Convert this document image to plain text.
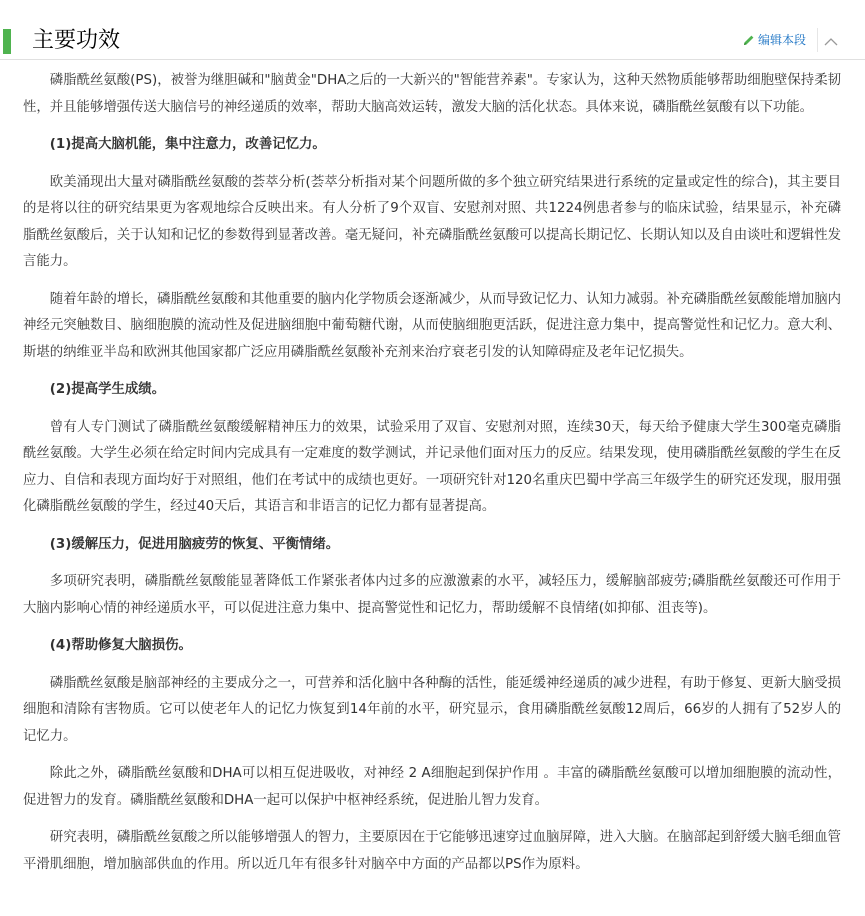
主要功效	编辑本段

磷脂酰丝氨酸(PS)，被誉为继胆碱和"脑黄金"DHA之后的一大新兴的"智能营养素"。专家认为，这种天然物质能够帮助细胞壁保持柔韧性，并且能够增强传送大脑信号的神经递质的效率，帮助大脑高效运转，激发大脑的活化状态。具体来说，磷脂酰丝氨酸有以下功能。

(1)提高大脑机能，集中注意力，改善记忆力。

欧美涌现出大量对磷脂酰丝氨酸的荟萃分析(荟萃分析指对某个问题所做的多个独立研究结果进行系统的定量或定性的综合)，其主要目的是将以往的研究结果更为客观地综合反映出来。有人分析了9个双盲、安慰剂对照、共1224例患者参与的临床试验，结果显示，补充磷脂酰丝氨酸后，关于认知和记忆的参数得到显著改善。毫无疑问，补充磷脂酰丝氨酸可以提高长期记忆、长期认知以及自由谈吐和逻辑性发言能力。

随着年龄的增长，磷脂酰丝氨酸和其他重要的脑内化学物质会逐渐减少，从而导致记忆力、认知力减弱。补充磷脂酰丝氨酸能增加脑内神经元突触数目、脑细胞膜的流动性及促进脑细胞中葡萄糖代谢，从而使脑细胞更活跃，促进注意力集中，提高警觉性和记忆力。意大利、斯堪的纳维亚半岛和欧洲其他国家都广泛应用磷脂酰丝氨酸补充剂来治疗衰老引发的认知障碍症及老年记忆损失。

(2)提高学生成绩。

曾有人专门测试了磷脂酰丝氨酸缓解精神压力的效果，试验采用了双盲、安慰剂对照，连续30天，每天给予健康大学生300毫克磷脂酰丝氨酸。大学生必须在给定时间内完成具有一定难度的数学测试，并记录他们面对压力的反应。结果发现，使用磷脂酰丝氨酸的学生在反应力、自信和表现方面均好于对照组，他们在考试中的成绩也更好。一项研究针对120名重庆巴蜀中学高三年级学生的研究还发现，服用强化磷脂酰丝氨酸的学生，经过40天后，其语言和非语言的记忆力都有显著提高。

(3)缓解压力，促进用脑疲劳的恢复、平衡情绪。

多项研究表明，磷脂酰丝氨酸能显著降低工作紧张者体内过多的应激激素的水平，减轻压力，缓解脑部疲劳;磷脂酰丝氨酸还可作用于大脑内影响心情的神经递质水平，可以促进注意力集中、提高警觉性和记忆力，帮助缓解不良情绪(如抑郁、沮丧等)。

(4)帮助修复大脑损伤。

磷脂酰丝氨酸是脑部神经的主要成分之一，可营养和活化脑中各种酶的活性，能延缓神经递质的减少进程，有助于修复、更新大脑受损细胞和清除有害物质。它可以使老年人的记忆力恢复到14年前的水平，研究显示，食用磷脂酰丝氨酸12周后，66岁的人拥有了52岁人的记忆力。

除此之外，磷脂酰丝氨酸和DHA可以相互促进吸收，对神经 2 A细胞起到保护作用 。丰富的磷脂酰丝氨酸可以增加细胞膜的流动性，促进智力的发育。磷脂酰丝氨酸和DHA一起可以保护中枢神经系统，促进胎儿智力发育。

研究表明，磷脂酰丝氨酸之所以能够增强人的智力，主要原因在于它能够迅速穿过血脑屏障，进入大脑。在脑部起到舒缓大脑毛细血管平滑肌细胞，增加脑部供血的作用。所以近几年有很多针对脑卒中方面的产品都以PS作为原料。
